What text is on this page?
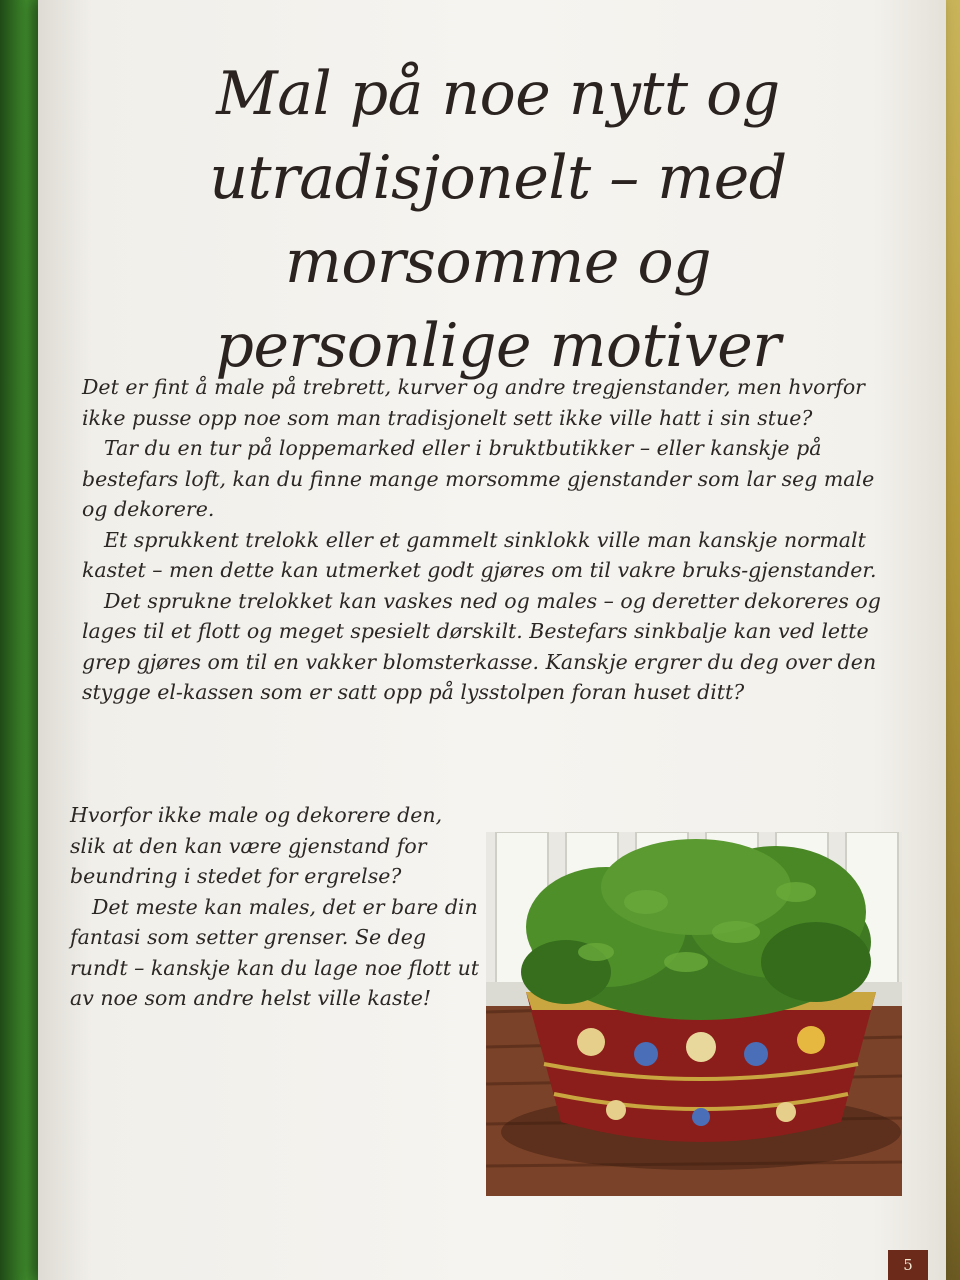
Mal på noe nytt og
utradisjonelt – med morsomme og
personlige motiver

Det er fint å male på trebrett, kurver og andre tregjenstander, men hvorfor ikke pusse opp noe som man tradisjonelt sett ikke ville hatt i sin stue?

Tar du en tur på loppemarked eller i bruktbutikker – eller kanskje på bestefars loft, kan du finne mange morsomme gjenstander som lar seg male og dekorere.

Et sprukkent trelokk eller et gammelt sinklokk ville man kanskje normalt kastet – men dette kan utmerket godt gjøres om til vakre bruks-gjenstander.

Det sprukne trelokket kan vaskes ned og males – og deretter dekoreres og lages til et flott og meget spesielt dørskilt. Bestefars sinkbalje kan ved lette grep gjøres om til en vakker blomsterkasse. Kanskje ergrer du deg over den stygge el-kassen som er satt opp på lysstolpen foran huset ditt?

Hvorfor ikke male og dekorere den, slik at den kan være gjenstand for beundring i stedet for ergrelse?

Det meste kan males, det er bare din fantasi som setter grenser. Se deg rundt – kanskje kan du lage noe flott ut av noe som andre helst ville kaste!

5
